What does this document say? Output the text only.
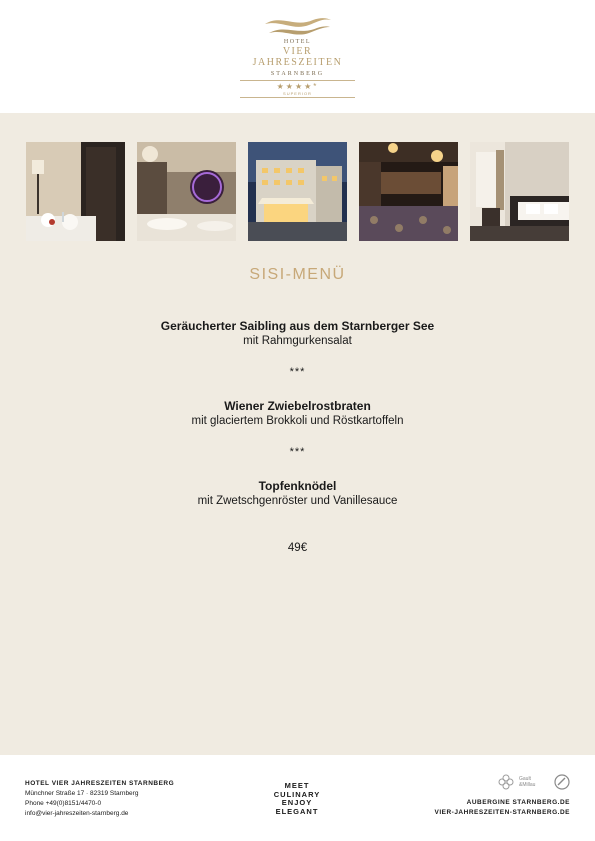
HOTEL
VIER JAHRESZEITEN
STARNBERG
★★★★*
SUPERIOR
SISI-MENÜ
Geräucherter Saibling aus dem Starnberger See
mit Rahmgurkensalat
***
Wiener Zwiebelrostbraten
mit glaciertem Brokkoli und Röstkartoffeln
***
Topfenknödel
mit Zwetschgenröster und Vanillesauce
49€
HOTEL VIER JAHRESZEITEN STARNBERG
Münchner Straße 17 · 82319 Starnberg
Phone +49(0)8151/4470-0
info@vier-jahreszeiten-starnberg.de
MEET
CULINARY
ENJOY
ELEGANT
Gault
&Millau
AUBERGINE STARNBERG.DE
VIER-JAHRESZEITEN-STARNBERG.DE
